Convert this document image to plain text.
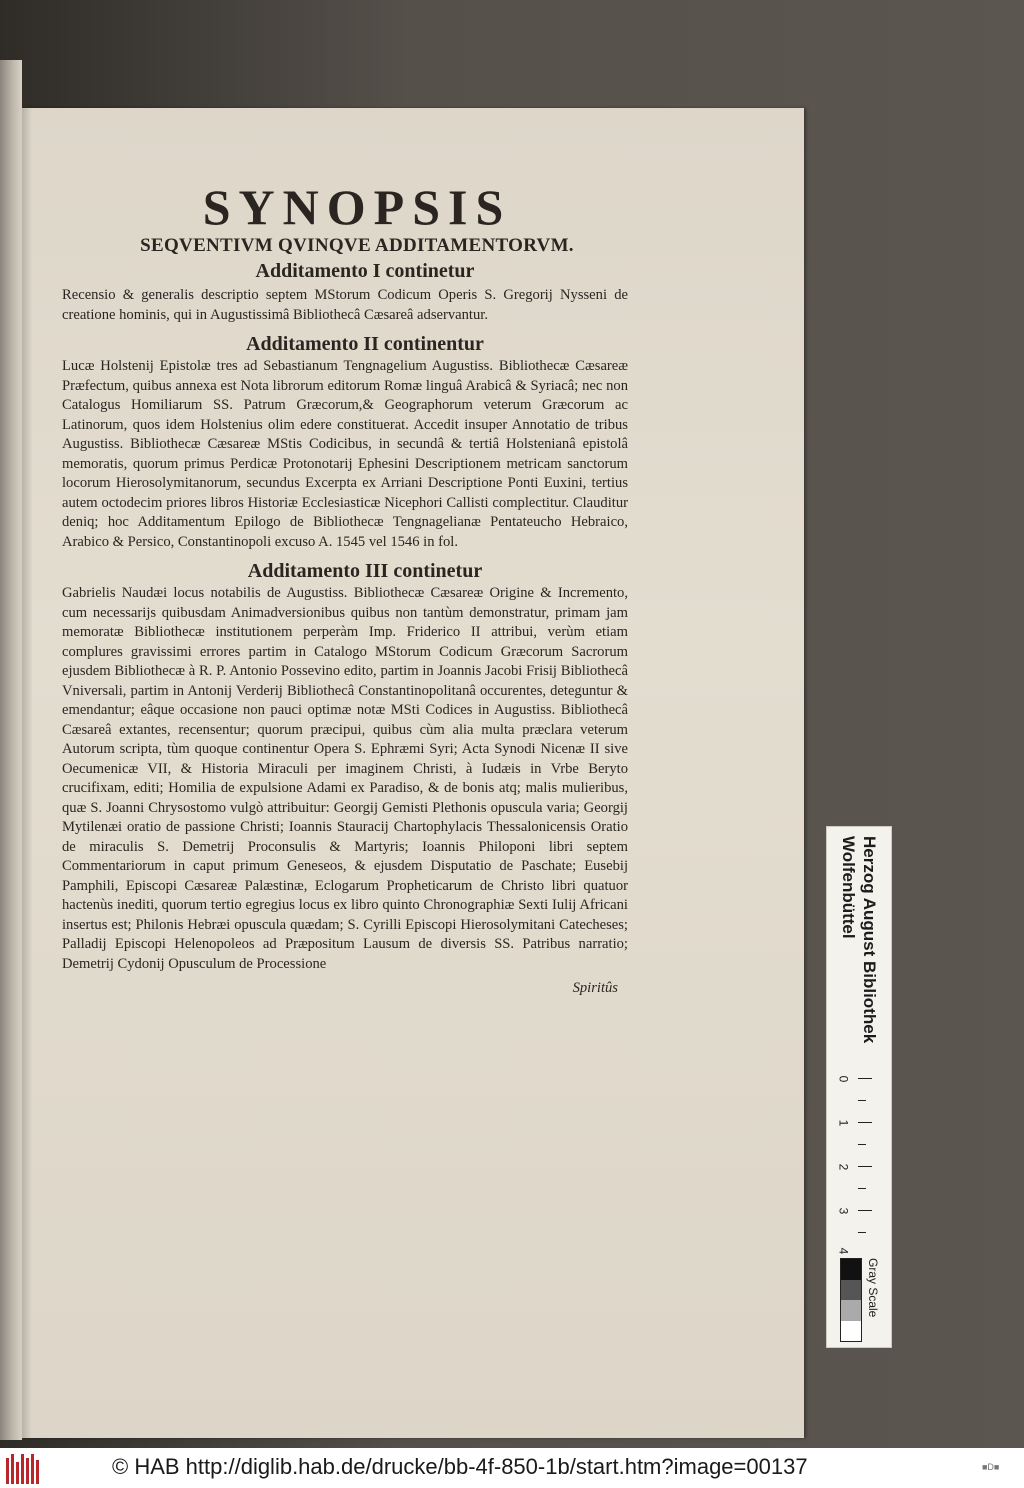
SYNOPSIS
SEQVENTIVM QVINQVE ADDITAMENTORVM.
Additamento I continetur

Recensio & generalis descriptio septem MStorum Codicum Operis S. Gregorij Nysseni de creatione hominis, qui in Augustissimâ Bibliothecâ Cæsareâ adservantur.

Additamento II continentur

Lucæ Holstenij Epistolæ tres ad Sebastianum Tengnagelium Augustiss. Bibliothecæ Cæsareæ Præfectum, quibus annexa est Nota librorum editorum Romæ linguâ Arabicâ & Syriacâ; nec non Catalogus Homiliarum SS. Patrum Græcorum,& Geographorum veterum Græcorum ac Latinorum, quos idem Holstenius olim edere constituerat. Accedit insuper Annotatio de tribus Augustiss. Bibliothecæ Cæsareæ MStis Codicibus, in secundâ & tertiâ Holstenianâ epistolâ memoratis, quorum primus Perdicæ Protonotarij Ephesini Descriptionem metricam sanctorum locorum Hierosolymitanorum, secundus Excerpta ex Arriani Descriptione Ponti Euxini, tertius autem octodecim priores libros Historiæ Ecclesiasticæ Nicephori Callisti complectitur. Clauditur deniq; hoc Additamentum Epilogo de Bibliothecæ Tengnagelianæ Pentateucho Hebraico, Arabico & Persico, Constantinopoli excuso A. 1545 vel 1546 in fol.

Additamento III continetur

Gabrielis Naudæi locus notabilis de Augustiss. Bibliothecæ Cæsareæ Origine & Incremento, cum necessarijs quibusdam Animadversionibus quibus non tantùm demonstratur, primam jam memoratæ Bibliothecæ institutionem perperàm Imp. Friderico II attribui, verùm etiam complures gravissimi errores partim in Catalogo MStorum Codicum Græcorum Sacrorum ejusdem Bibliothecæ à R. P. Antonio Possevino edito, partim in Joannis Jacobi Frisij Bibliothecâ Vniversali, partim in Antonij Verderij Bibliothecâ Constantinopolitanâ occurentes, deteguntur & emendantur; eâque occasione non pauci optimæ notæ MSti Codices in Augustiss. Bibliothecâ Cæsareâ extantes, recensentur; quorum præcipui, quibus cùm alia multa præclara veterum Autorum scripta, tùm quoque continentur Opera S. Ephræmi Syri; Acta Synodi Nicenæ II sive Oecumenicæ VII, & Historia Miraculi per imaginem Christi, à Iudæis in Vrbe Beryto crucifixam, editi; Homilia de expulsione Adami ex Paradiso, & de bonis atq; malis mulieribus, quæ S. Joanni Chrysostomo vulgò attribuitur: Georgij Gemisti Plethonis opuscula varia; Georgij Mytilenæi oratio de passione Christi; Ioannis Stauracij Chartophylacis Thessalonicensis Oratio de miraculis S. Demetrij Proconsulis & Martyris; Ioannis Philoponi libri septem Commentariorum in caput primum Geneseos, & ejusdem Disputatio de Paschate; Eusebij Pamphili, Episcopi Cæsareæ Palæstinæ, Eclogarum Propheticarum de Christo libri quatuor hactenùs inediti, quorum tertio egregius locus ex libro quinto Chronographiæ Sexti Iulij Africani insertus est; Philonis Hebræi opuscula quædam; S. Cyrilli Episcopi Hierosolymitani Catecheses; Palladij Episcopi Helenopoleos ad Præpositum Lausum de diversis SS. Patribus narratio; Demetrij Cydonij Opusculum de Processione

Spiritûs	Herzog August Bibliothek
Wolfenbüttel
0
1
2
3
4
Gray Scale
© HAB http://diglib.hab.de/drucke/bb-4f-850-1b/start.htm?image=00137	■D■
